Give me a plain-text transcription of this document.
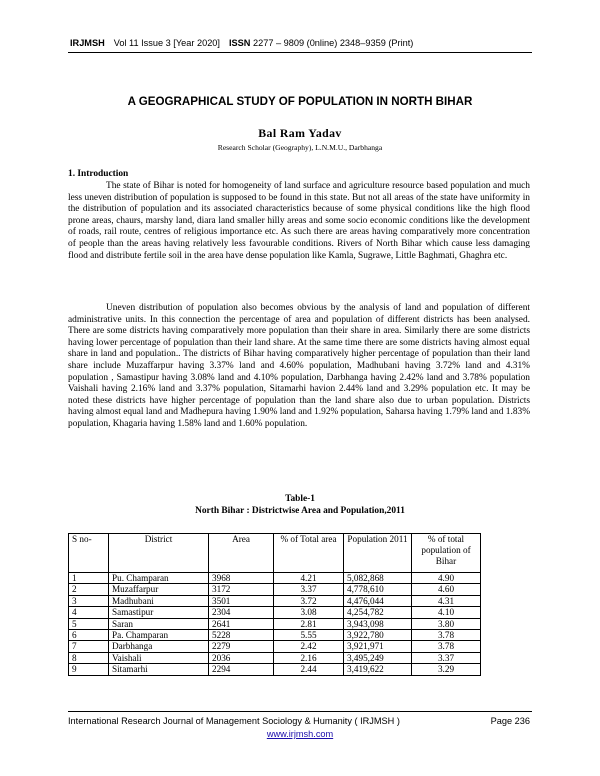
IRJMSH Vol 11 Issue 3 [Year 2020] ISSN 2277 – 9809 (0nline) 2348–9359 (Print)
A GEOGRAPHICAL STUDY OF POPULATION IN NORTH BIHAR
Bal Ram Yadav
Research Scholar (Geography), L.N.M.U., Darbhanga
1. Introduction

The state of Bihar is noted for homogeneity of land surface and agriculture resource based population and much less uneven distribution of population is supposed to be found in this state. But not all areas of the state have uniformity in the distribution of population and its associated characteristics because of some physical conditions like the high flood prone areas, chaurs, marshy land, diara land smaller hilly areas and some socio economic conditions like the development of roads, rail route, centres of religious importance etc. As such there are areas having comparatively more concentration of people than the areas having relatively less favourable conditions. Rivers of North Bihar which cause less damaging flood and distribute fertile soil in the area have dense population like Kamla, Sugrawe, Little Baghmati, Ghaghra etc.

Uneven distribution of population also becomes obvious by the analysis of land and population of different administrative units. In this connection the percentage of area and population of different districts has been analysed. There are some districts having comparatively more population than their share in area. Similarly there are some districts having lower percentage of population than their land share. At the same time there are some districts having almost equal share in land and population.. The districts of Bihar having comparatively higher percentage of population than their land share include Muzaffarpur having 3.37% land and 4.60% population, Madhubani having 3.72% land and 4.31% population , Samastipur having 3.08% land and 4.10% population, Darbhanga having 2.42% land and 3.78% population Vaishali having 2.16% land and 3.37% population, Sitamarhi havion 2.44% land and 3.29% population etc. It may be noted these districts have higher percentage of population than the land share also due to urban population. Districts having almost equal land and Madhepura having 1.90% land and 1.92% population, Saharsa having 1.79% land and 1.83% population, Khagaria having 1.58% land and 1.60% population.

Table-1
North Bihar : Districtwise Area and Population,2011
S no-	District	Area	% of Total area	Population 2011	% of total population of Bihar
1	Pu. Champaran	3968	4.21	5,082,868	4.90
2	Muzaffarpur	3172	3.37	4,778,610	4.60
3	Madhubani	3501	3.72	4,476,044	4.31
4	Samastipur	2304	3.08	4,254,782	4.10
5	Saran	2641	2.81	3,943,098	3.80
6	Pa. Champaran	5228	5.55	3,922,780	3.78
7	Darbhanga	2279	2.42	3,921,971	3.78
8	Vaishali	2036	2.16	3,495,249	3.37
9	Sitamarhi	2294	2.44	3,419,622	3.29
International Research Journal of Management Sociology & Humanity ( IRJMSH )	Page 236
www.irjmsh.com
